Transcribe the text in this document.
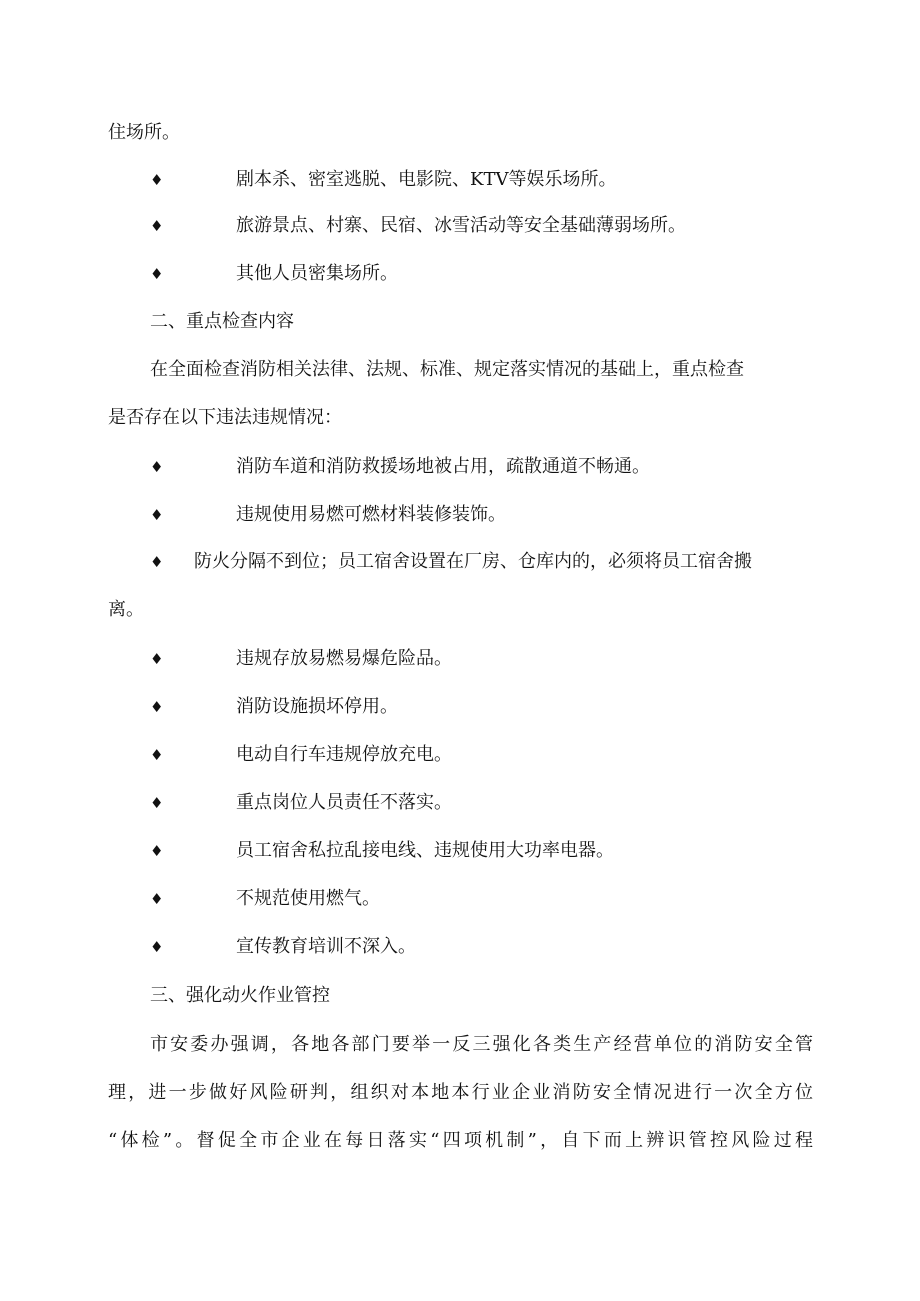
住场所。
♦	剧本杀、密室逃脱、电影院、KTV等娱乐场所。
♦	旅游景点、村寨、民宿、冰雪活动等安全基础薄弱场所。
♦	其他人员密集场所。
二、重点检查内容
在全面检查消防相关法律、法规、标准、规定落实情况的基础上，重点检查
是否存在以下违法违规情况：
♦	消防车道和消防救援场地被占用，疏散通道不畅通。
♦	违规使用易燃可燃材料装修装饰。
♦ 防火分隔不到位；员工宿舍设置在厂房、仓库内的，必须将员工宿舍搬
离。
♦	违规存放易燃易爆危险品。
♦	消防设施损坏停用。
♦	电动自行车违规停放充电。
♦	重点岗位人员责任不落实。
♦	员工宿舍私拉乱接电线、违规使用大功率电器。
♦	不规范使用燃气。
♦	宣传教育培训不深入。
三、强化动火作业管控
市安委办强调，各地各部门要举一反三强化各类生产经营单位的消防安全管
理，进一步做好风险研判，组织对本地本行业企业消防安全情况进行一次全方位
“体检”。督促全市企业在每日落实“四项机制”，自下而上辨识管控风险过程
